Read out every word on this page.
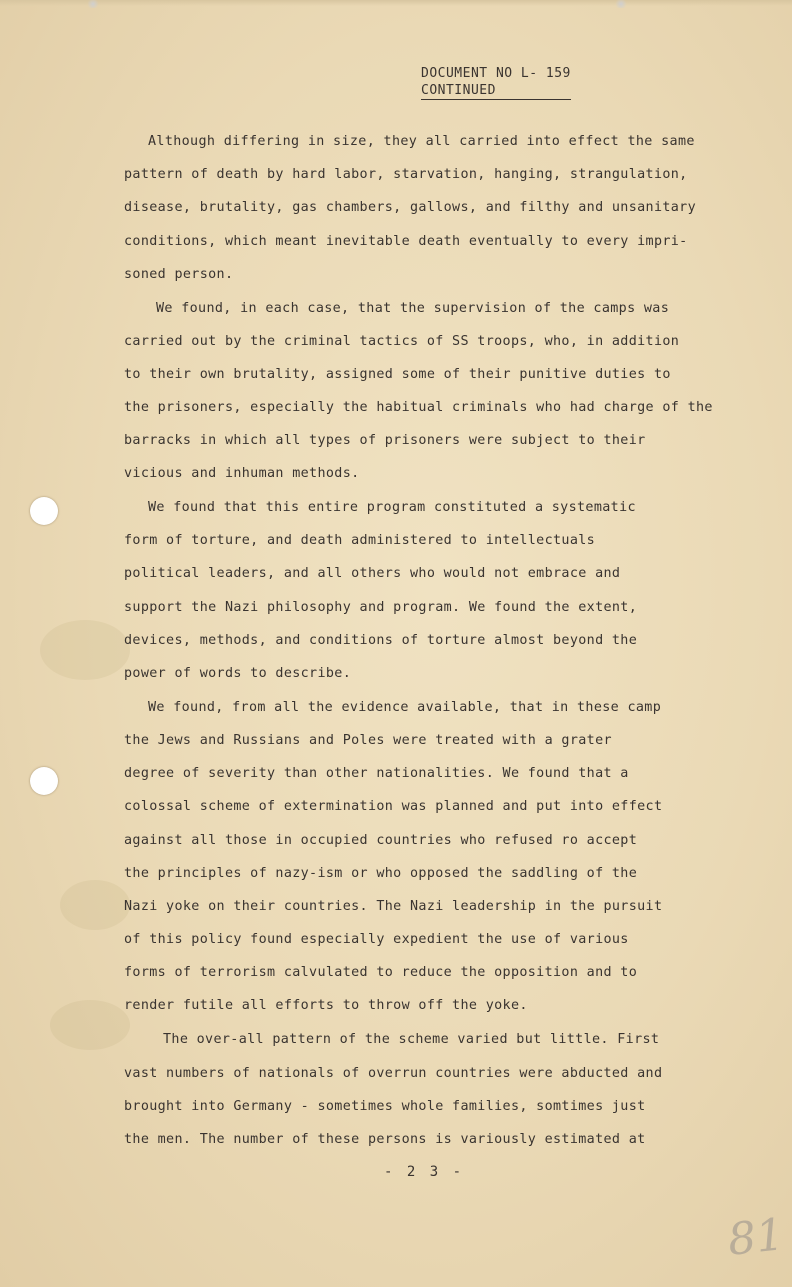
DOCUMENT NO L- 159
CONTINUED
Although differing in size, they all carried into effect the same
pattern of death by hard labor, starvation, hanging, strangulation,
disease, brutality, gas chambers, gallows, and filthy and unsanitary
conditions, which meant inevitable death eventually to every impri-
soned person.
We found, in each case, that the supervision of the camps was
carried out by the criminal tactics of SS troops, who, in addition
to their own brutality, assigned some of their punitive duties to
the prisoners, especially the habitual criminals who had charge of the
barracks in which all types of prisoners were subject to their
vicious and inhuman methods.
We found that this entire program constituted a systematic
form of torture, and death administered to intellectuals
political leaders, and all others who would not embrace and
support the Nazi philosophy and program. We found the extent,
devices, methods, and conditions of torture almost beyond the
power of words to describe.
We found, from all the evidence available, that in these camp
the Jews and Russians and Poles were treated with a grater
degree of severity than other nationalities. We found that a
colossal scheme of extermination was planned and put into effect
against all those in occupied countries who refused ro accept
the principles of nazy-ism or who opposed the saddling of the
Nazi yoke on their countries. The Nazi leadership in the pursuit
of this policy found especially expedient the use of various
forms of terrorism calvulated to reduce the opposition and to
render futile all efforts to throw off the yoke.
The over-all pattern of the scheme varied but little. First
vast numbers of nationals of overrun countries were abducted and
brought into Germany - sometimes whole families, somtimes just
the men. The number of these persons is variously estimated at
- 2 3 -
81
